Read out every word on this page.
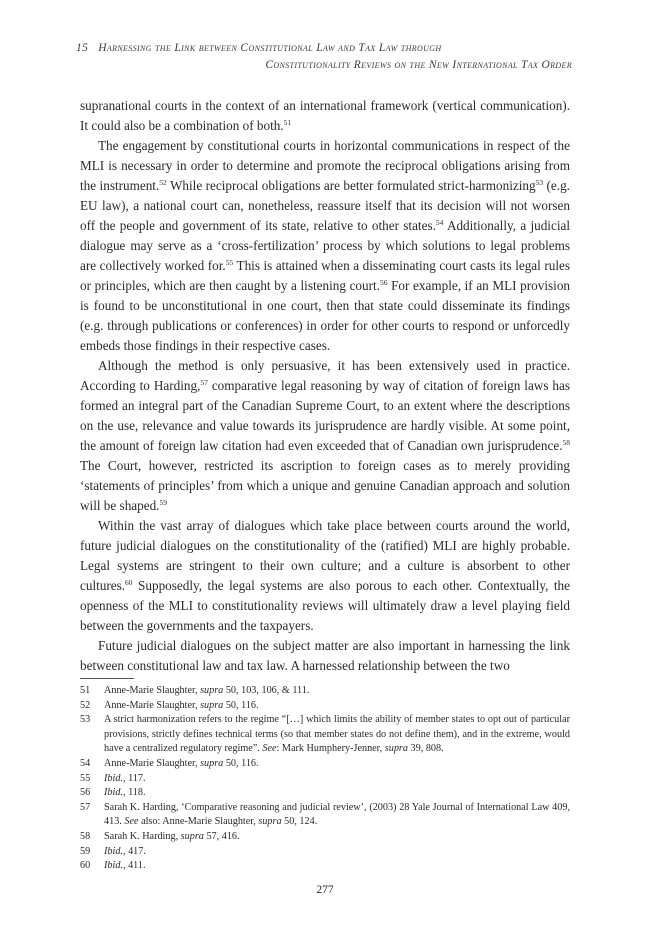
15 Harnessing the Link between Constitutional Law and Tax Law through
Constitutionality Reviews on the New International Tax Order

supranational courts in the context of an international framework (vertical communication). It could also be a combination of both.$^{51}$

The engagement by constitutional courts in horizontal communications in respect of the MLI is necessary in order to determine and promote the reciprocal obligations arising from the instrument.$^{52}$ While reciprocal obligations are better formulated strict-harmonizing$^{53}$ (e.g. EU law), a national court can, nonetheless, reassure itself that its decision will not worsen off the people and government of its state, relative to other states.$^{54}$ Additionally, a judicial dialogue may serve as a ‘cross-fertilization’ process by which solutions to legal problems are collectively worked for.$^{55}$ This is attained when a disseminating court casts its legal rules or principles, which are then caught by a listening court.$^{56}$ For example, if an MLI provision is found to be unconstitutional in one court, then that state could disseminate its findings (e.g. through publications or conferences) in order for other courts to respond or unforcedly embeds those findings in their respective cases.

Although the method is only persuasive, it has been extensively used in practice. According to Harding,$^{57}$ comparative legal reasoning by way of citation of foreign laws has formed an integral part of the Canadian Supreme Court, to an extent where the descriptions on the use, relevance and value towards its jurisprudence are hardly visible. At some point, the amount of foreign law citation had even exceeded that of Canadian own jurisprudence.$^{58}$ The Court, however, restricted its ascription to foreign cases as to merely providing ‘statements of principles’ from which a unique and genuine Canadian approach and solution will be shaped.$^{59}$

Within the vast array of dialogues which take place between courts around the world, future judicial dialogues on the constitutionality of the (ratified) MLI are highly probable. Legal systems are stringent to their own culture; and a culture is absorbent to other cultures.$^{60}$ Supposedly, the legal systems are also porous to each other. Contextually, the openness of the MLI to constitutionality reviews will ultimately draw a level playing field between the governments and the taxpayers.

Future judicial dialogues on the subject matter are also important in harnessing the link between constitutional law and tax law. A harnessed relationship between the two

51	Anne-Marie Slaughter, supra 50, 103, 106, & 111.
52	Anne-Marie Slaughter, supra 50, 116.
53	A strict harmonization refers to the regime “[…] which limits the ability of member states to opt out of particular provisions, strictly defines technical terms (so that member states do not define them), and in the extreme, would have a centralized regulatory regime”. See: Mark Humphery-Jenner, supra 39, 808.
54	Anne-Marie Slaughter, supra 50, 116.
55	Ibid., 117.
56	Ibid., 118.
57	Sarah K. Harding, ‘Comparative reasoning and judicial review’, (2003) 28 Yale Journal of International Law 409, 413. See also: Anne-Marie Slaughter, supra 50, 124.
58	Sarah K. Harding, supra 57, 416.
59	Ibid., 417.
60	Ibid., 411.
277
